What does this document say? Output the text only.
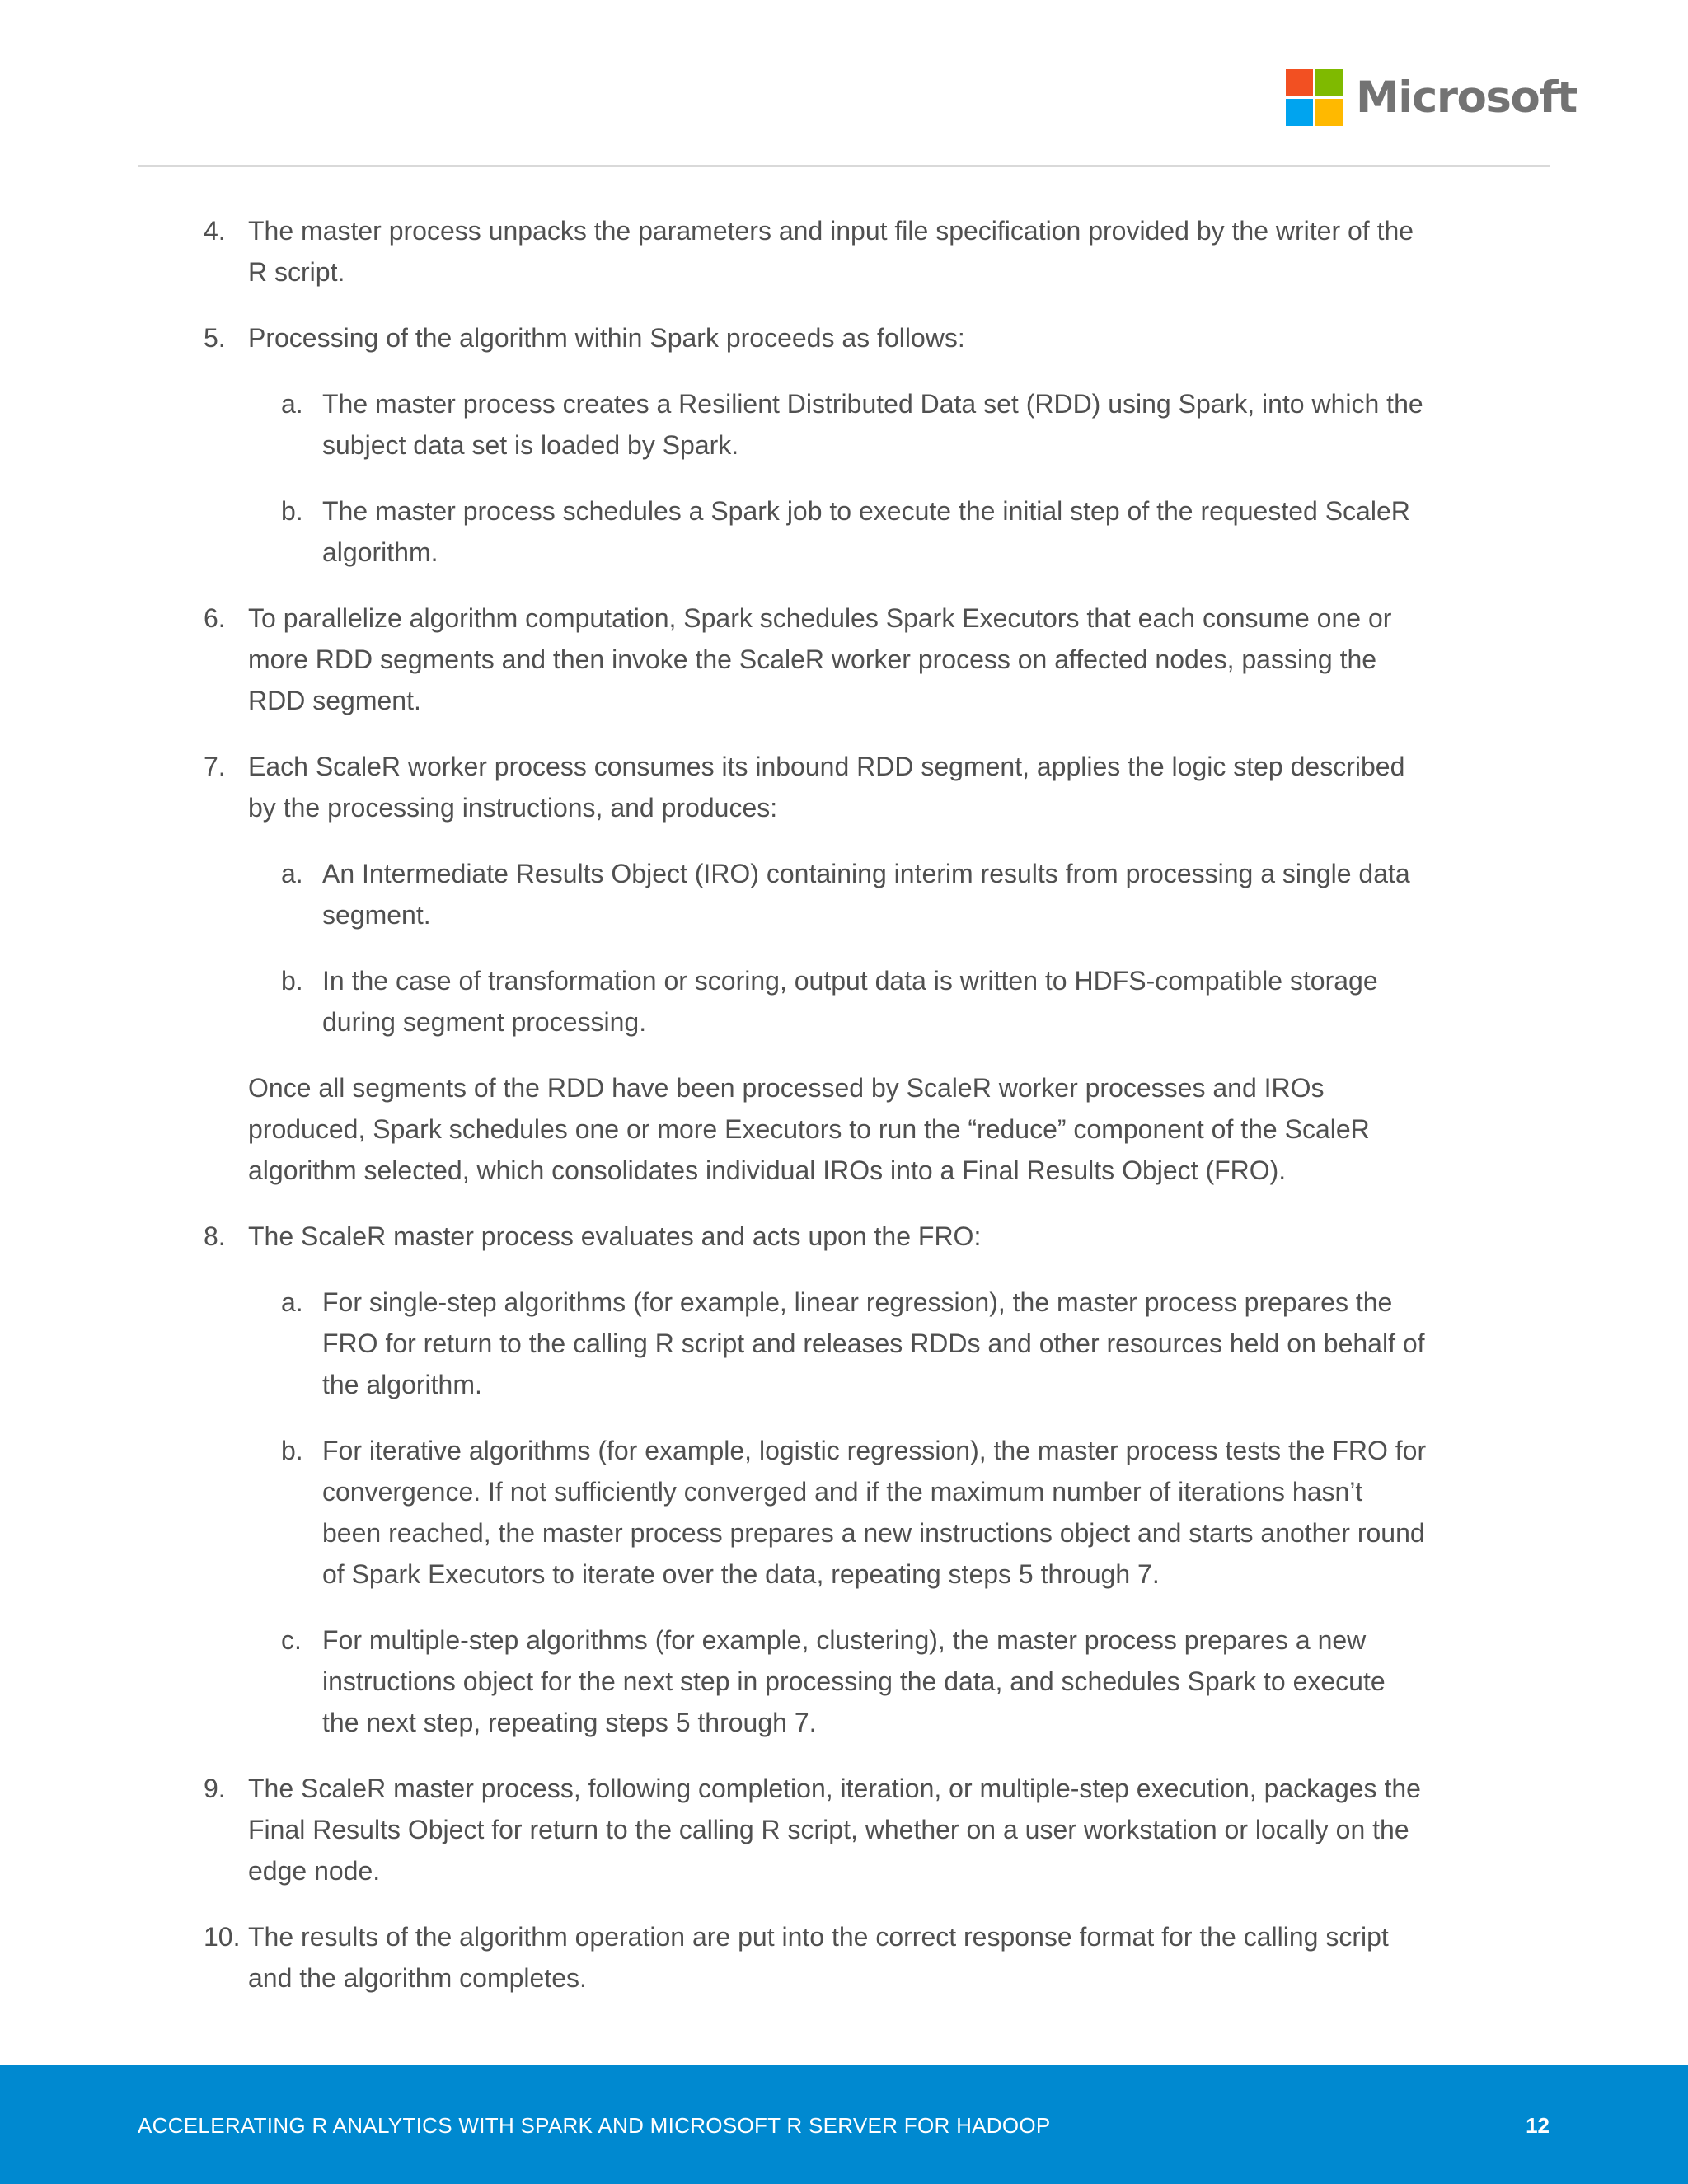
Microsoft
4. The master process unpacks the parameters and input file specification provided by the writer of the R script.
5. Processing of the algorithm within Spark proceeds as follows:
a. The master process creates a Resilient Distributed Data set (RDD) using Spark, into which the subject data set is loaded by Spark.
b. The master process schedules a Spark job to execute the initial step of the requested ScaleR algorithm.
6. To parallelize algorithm computation, Spark schedules Spark Executors that each consume one or more RDD segments and then invoke the ScaleR worker process on affected nodes, passing the RDD segment.
7. Each ScaleR worker process consumes its inbound RDD segment, applies the logic step described by the processing instructions, and produces:
a. An Intermediate Results Object (IRO) containing interim results from processing a single data segment.
b. In the case of transformation or scoring, output data is written to HDFS-compatible storage during segment processing.
Once all segments of the RDD have been processed by ScaleR worker processes and IROs produced, Spark schedules one or more Executors to run the “reduce” component of the ScaleR algorithm selected, which consolidates individual IROs into a Final Results Object (FRO).
8. The ScaleR master process evaluates and acts upon the FRO:
a. For single-step algorithms (for example, linear regression), the master process prepares the FRO for return to the calling R script and releases RDDs and other resources held on behalf of the algorithm.
b. For iterative algorithms (for example, logistic regression), the master process tests the FRO for convergence. If not sufficiently converged and if the maximum number of iterations hasn’t been reached, the master process prepares a new instructions object and starts another round of Spark Executors to iterate over the data, repeating steps 5 through 7.
c. For multiple-step algorithms (for example, clustering), the master process prepares a new instructions object for the next step in processing the data, and schedules Spark to execute the next step, repeating steps 5 through 7.
9. The ScaleR master process, following completion, iteration, or multiple-step execution, packages the Final Results Object for return to the calling R script, whether on a user workstation or locally on the edge node.
10. The results of the algorithm operation are put into the correct response format for the calling script and the algorithm completes.
ACCELERATING R ANALYTICS WITH SPARK AND MICROSOFT R SERVER FOR HADOOP	12
